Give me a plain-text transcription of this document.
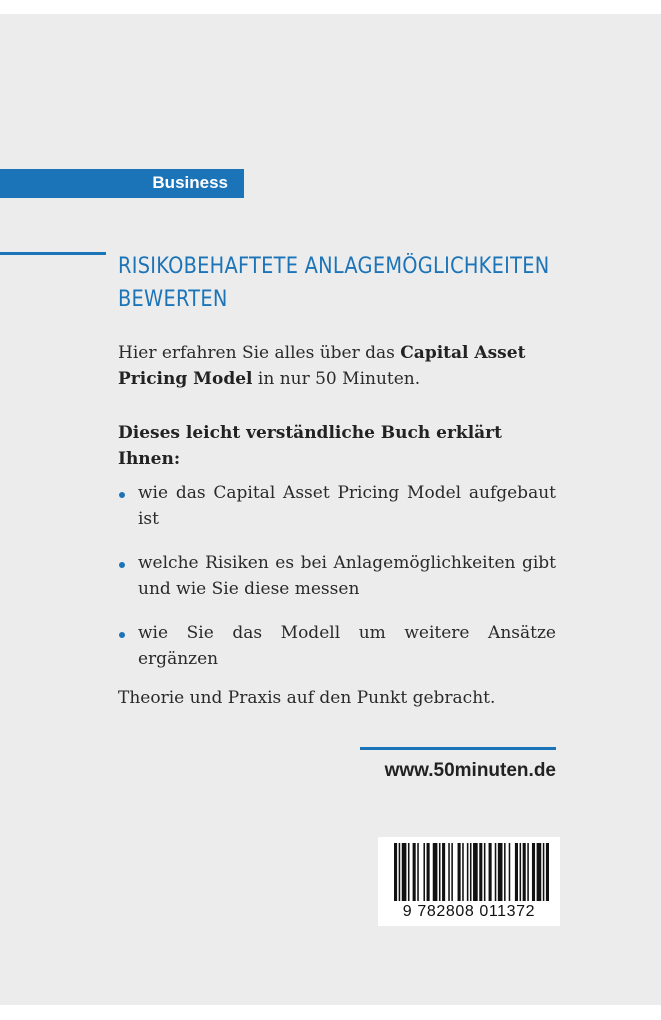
Business
RISIKOBEHAFTETE ANLAGEMÖGLICHKEITEN
BEWERTEN

Hier erfahren Sie alles über das Capital Asset Pricing Model in nur 50 Minuten.

Dieses leicht verständliche Buch erklärt Ihnen:

wie das Capital Asset Pricing Model aufgebaut ist
welche Risiken es bei Anlagemöglichkeiten gibt und wie Sie diese messen
wie Sie das Modell um weitere Ansätze ergänzen

Theorie und Praxis auf den Punkt gebracht.

www.50minuten.de
9 782808 011372
